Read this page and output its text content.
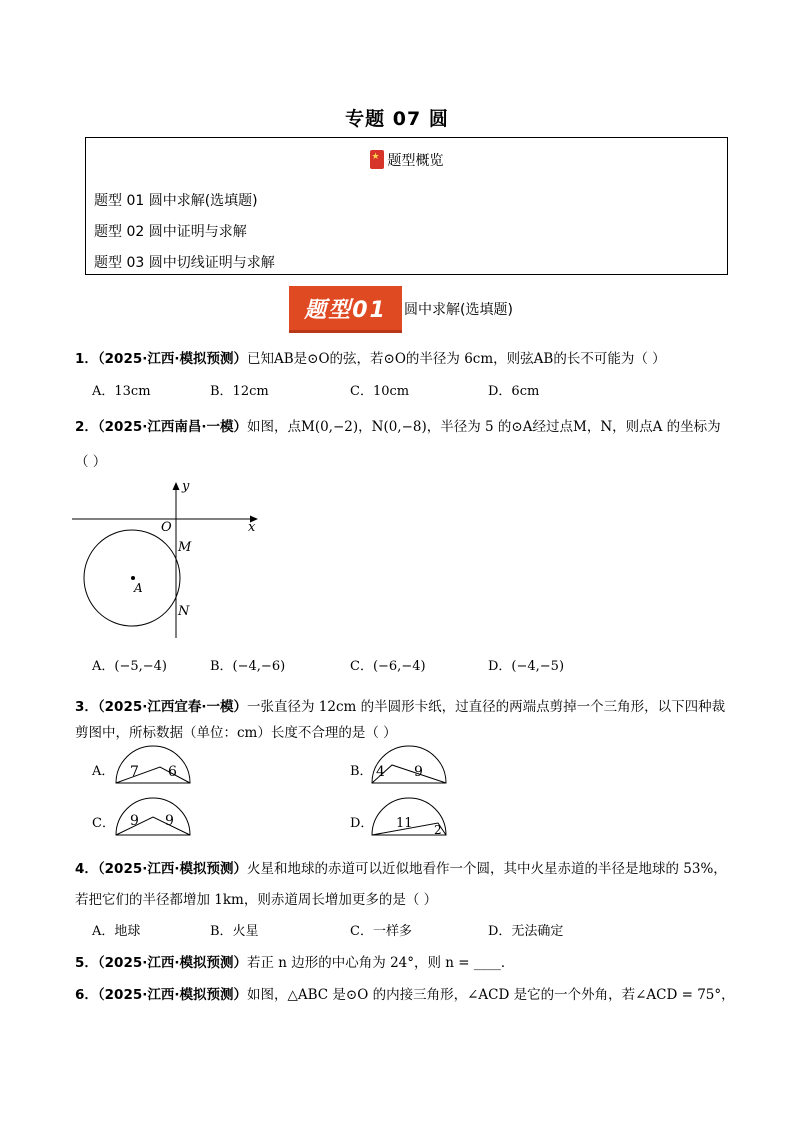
专题 07 圆
★题型概览
题型 01 圆中求解(选填题)
题型 02 圆中证明与求解
题型 03 圆中切线证明与求解
题型01	圆中求解(选填题)
1．（2025·江西·模拟预测）已知AB是⊙O的弦，若⊙O的半径为 6cm，则弦AB的长不可能为（ ）
A．13cm	B．12cm	C．10cm	D．6cm
2．（2025·江西南昌·一模）如图，点M(0,−2)，N(0,−8)，半径为 5 的⊙A经过点M，N，则点A 的坐标为
（ ）
y
x
O
M
N
A
A．(−5,−4)	B．(−4,−6)	C．(−6,−4)	D．(−4,−5)
3．（2025·江西宜春·一模）一张直径为 12cm 的半圆形卡纸，过直径的两端点剪掉一个三角形，以下四种裁
剪图中，所标数据（单位：cm）长度不合理的是（ ）
A． 7 6	B． 4 9
C． 9 9	D． 11 2
4．（2025·江西·模拟预测）火星和地球的赤道可以近似地看作一个圆，其中火星赤道的半径是地球的 53%，
若把它们的半径都增加 1km，则赤道周长增加更多的是（ ）
A．地球	B．火星	C．一样多	D．无法确定
5．（2025·江西·模拟预测）若正 n 边形的中心角为 24°，则 n = ____．
6．（2025·江西·模拟预测）如图，△ABC 是⊙O 的内接三角形，∠ACD 是它的一个外角，若∠ACD = 75°，
